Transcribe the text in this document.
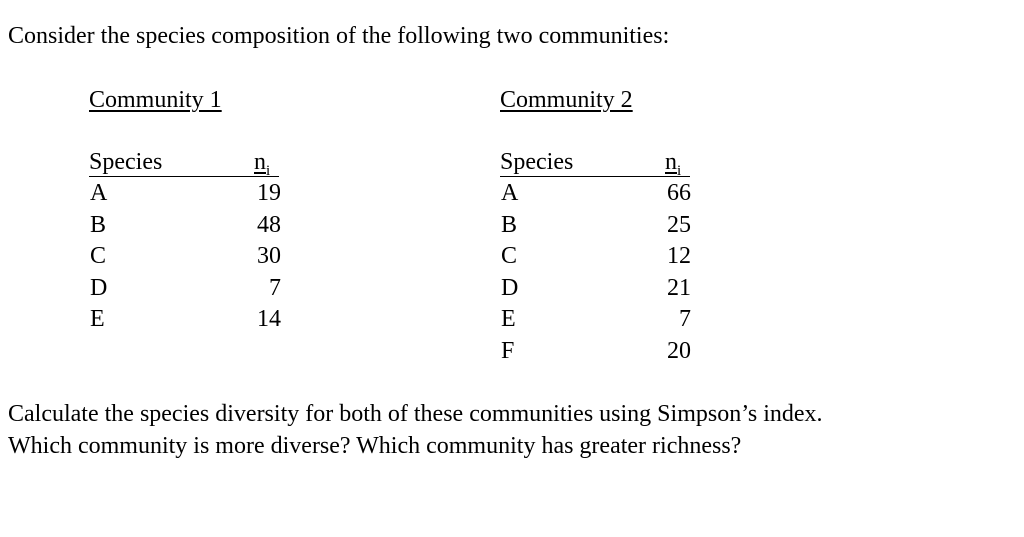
Consider the species composition of the following two communities:
Community 1
Species	$n_i$
A	19
B	48
C	30
D	7
E	14
Community 2
Species	$n_i$
A	66
B	25
C	12
D	21
E	7
F	20
Calculate the species diversity for both of these communities using Simpson’s index.
Which community is more diverse? Which community has greater richness?
